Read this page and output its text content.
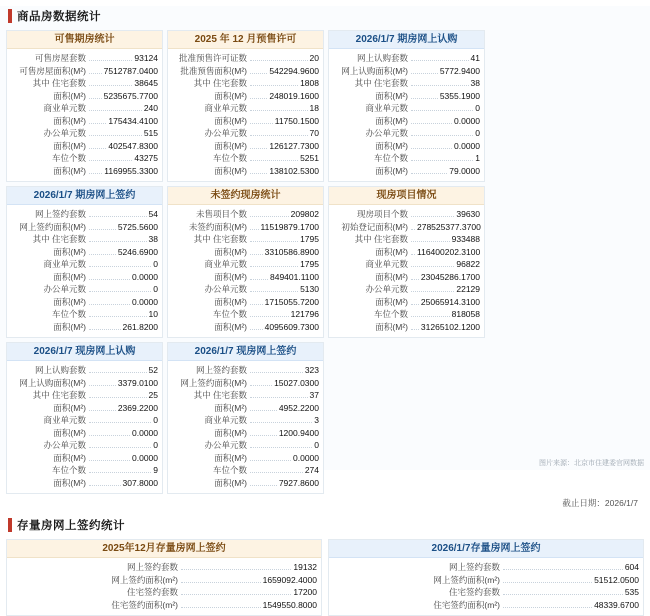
商品房数据统计
可售期房统计
可售房屋套数	93124
可售房屋面积(M²)	7512787.0400
其中 住宅套数	38645
面积(M²)	5235675.7700
商业单元数	240
面积(M²)	175434.4100
办公单元数	515
面积(M²)	402547.8300
车位个数	43275
面积(M²)	1169955.3300
2025 年 12 月预售许可
批准预售许可证数	20
批准预售面积(M²)	542294.9600
其中 住宅套数	1808
面积(M²)	248019.1600
商业单元数	18
面积(M²)	11750.1500
办公单元数	70
面积(M²)	126127.7300
车位个数	5251
面积(M²)	138102.5300
2026/1/7 期房网上认购
网上认购套数	41
网上认购面积(M²)	5772.9400
其中 住宅套数	38
面积(M²)	5355.1900
商业单元数	0
面积(M²)	0.0000
办公单元数	0
面积(M²)	0.0000
车位个数	1
面积(M²)	79.0000
2026/1/7 期房网上签约
网上签约套数	54
网上签约面积(M²)	5725.5600
其中 住宅套数	38
面积(M²)	5246.6900
商业单元数	0
面积(M²)	0.0000
办公单元数	0
面积(M²)	0.0000
车位个数	10
面积(M²)	261.8200
未签约现房统计
未售项目个数	209802
未签约面积(M²)	11519879.1700
其中 住宅套数	1795
面积(M²)	3310586.8900
商业单元数	1795
面积(M²)	849401.1100
办公单元数	5130
面积(M²)	1715055.7200
车位个数	121796
面积(M²)	4095609.7300
现房项目情况
现房项目个数	39630
初始登记面积(M²)	278525377.3700
其中 住宅套数	933488
面积(M²)	116400202.3100
商业单元数	96822
面积(M²)	23045286.1700
办公单元数	22129
面积(M²)	25065914.3100
车位个数	818058
面积(M²)	31265102.1200
2026/1/7 现房网上认购
网上认购套数	52
网上认购面积(M²)	3379.0100
其中 住宅套数	25
面积(M²)	2369.2200
商业单元数	0
面积(M²)	0.0000
办公单元数	0
面积(M²)	0.0000
车位个数	9
面积(M²)	307.8000
2026/1/7 现房网上签约
网上签约套数	323
网上签约面积(M²)	15027.0300
其中 住宅套数	37
面积(M²)	4952.2200
商业单元数	3
面积(M²)	1200.9400
办公单元数	0
面积(M²)	0.0000
车位个数	274
面积(M²)	7927.8600
截止日期：2026/1/7
存量房网上签约统计
2025年12月存量房网上签约
网上签约套数	19132
网上签约面积(m²)	1659092.4000
住宅签约套数	17200
住宅签约面积(m²)	1549550.8000
2026/1/7存量房网上签约
网上签约套数	604
网上签约面积(m²)	51512.0500
住宅签约套数	535
住宅签约面积(m²)	48339.6700
图片来源：北京市住建委官网数据
